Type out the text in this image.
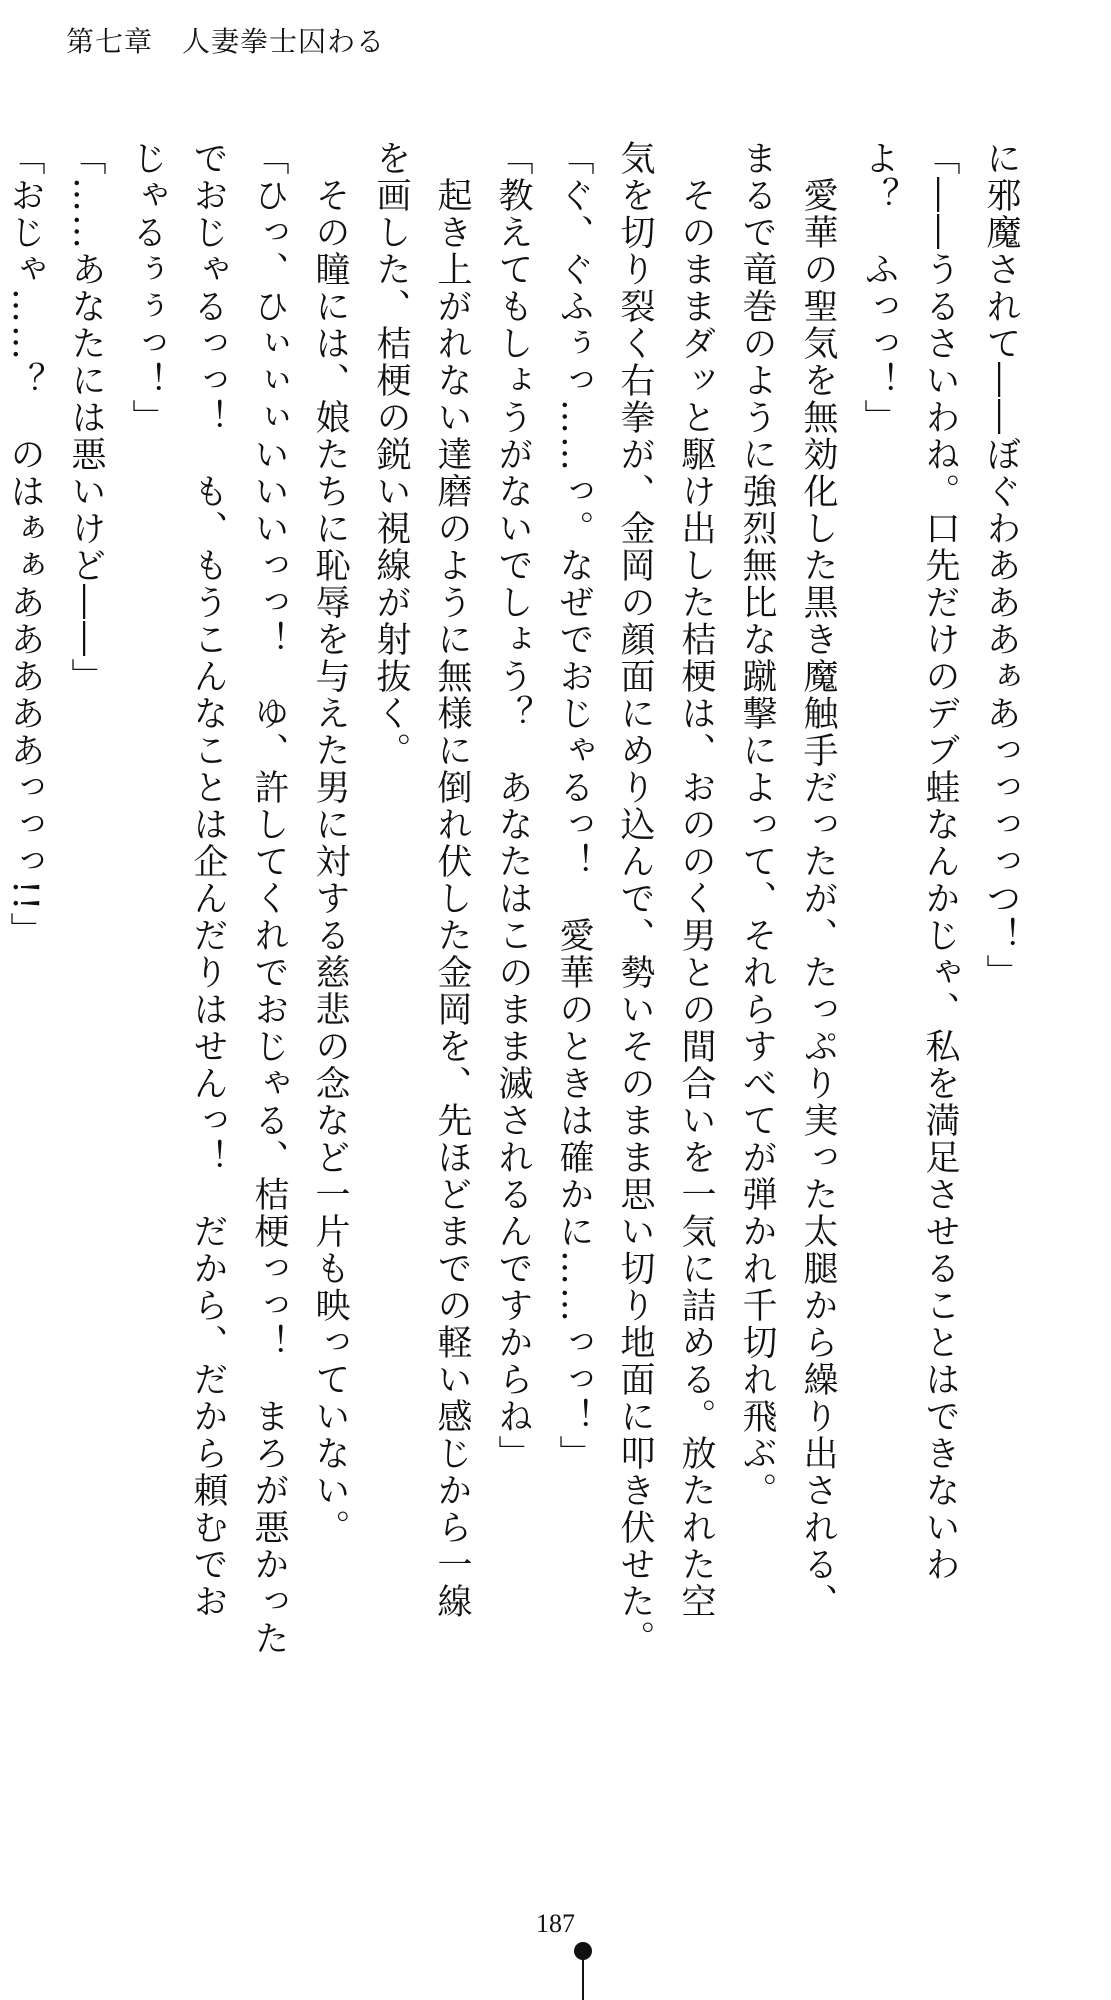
第七章　人妻拳士囚わる
に邪魔されて――ぼぐわあああぁあっっっっつ！」
「――うるさいわね。口先だけのデブ蛙なんかじゃ、私を満足させることはできないわ
よ？　ふっっ！」
　愛華の聖気を無効化した黒き魔触手だったが、たっぷり実った太腿から繰り出される、
まるで竜巻のように強烈無比な蹴撃によって、それらすべてが弾かれ千切れ飛ぶ。
　そのままダッと駆け出した桔梗は、おののく男との間合いを一気に詰める。放たれた空
気を切り裂く右拳が、金岡の顔面にめり込んで、勢いそのまま思い切り地面に叩き伏せた。
「ぐ、ぐふぅっ……っ。なぜでおじゃるっ！　愛華のときは確かに……っっ！」
「教えてもしょうがないでしょう？　あなたはこのまま滅されるんですからね」
　起き上がれない達磨のように無様に倒れ伏した金岡を、先ほどまでの軽い感じから一線
を画した、桔梗の鋭い視線が射抜く。
　その瞳には、娘たちに恥辱を与えた男に対する慈悲の念など一片も映っていない。
「ひっ、ひぃぃぃいいいっっ！　ゆ、許してくれでおじゃる、桔梗っっ！　まろが悪かった
でおじゃるっっ！　も、もうこんなことは企んだりはせんっ！　だから、だから頼むでお
じゃるぅぅっ！」
「……あなたには悪いけど――」
「おじゃ……？　のはぁぁあああああっっっ!!」
187
